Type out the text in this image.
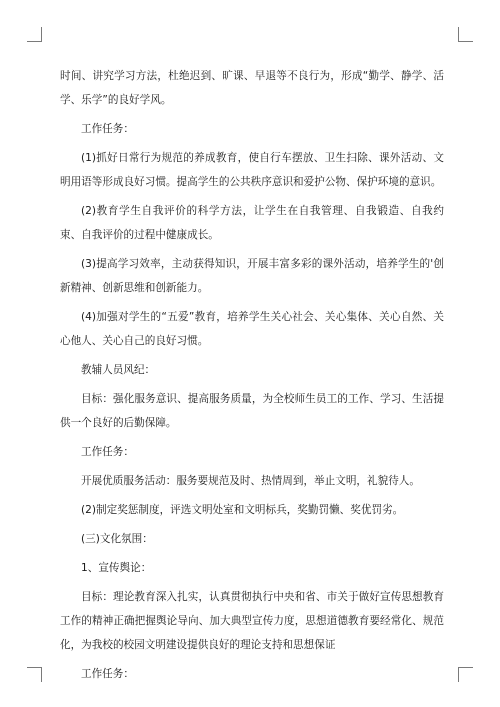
时间、讲究学习方法，杜绝迟到、旷课、早退等不良行为，形成“勤学、静学、活学、乐学”的良好学风。

工作任务：

(1)抓好日常行为规范的养成教育，使自行车摆放、卫生扫除、课外活动、文明用语等形成良好习惯。提高学生的公共秩序意识和爱护公物、保护环境的意识。

(2)教育学生自我评价的科学方法，让学生在自我管理、自我锻造、自我约束、自我评价的过程中健康成长。

(3)提高学习效率，主动获得知识，开展丰富多彩的课外活动，培养学生的'创新精神、创新思维和创新能力。

(4)加强对学生的“五爱”教育，培养学生关心社会、关心集体、关心自然、关心他人、关心自己的良好习惯。

教辅人员风纪：

目标：强化服务意识、提高服务质量，为全校师生员工的工作、学习、生活提供一个良好的后勤保障。

工作任务：

开展优质服务活动：服务要规范及时、热情周到，举止文明，礼貌待人。

(2)制定奖惩制度，评选文明处室和文明标兵，奖勤罚懒、奖优罚劣。

(三)文化氛围：

1、宣传舆论：

目标：理论教育深入扎实，认真贯彻执行中央和省、市关于做好宣传思想教育工作的精神正确把握舆论导向、加大典型宣传力度，思想道德教育要经常化、规范化，为我校的校园文明建设提供良好的理论支持和思想保证

工作任务：
